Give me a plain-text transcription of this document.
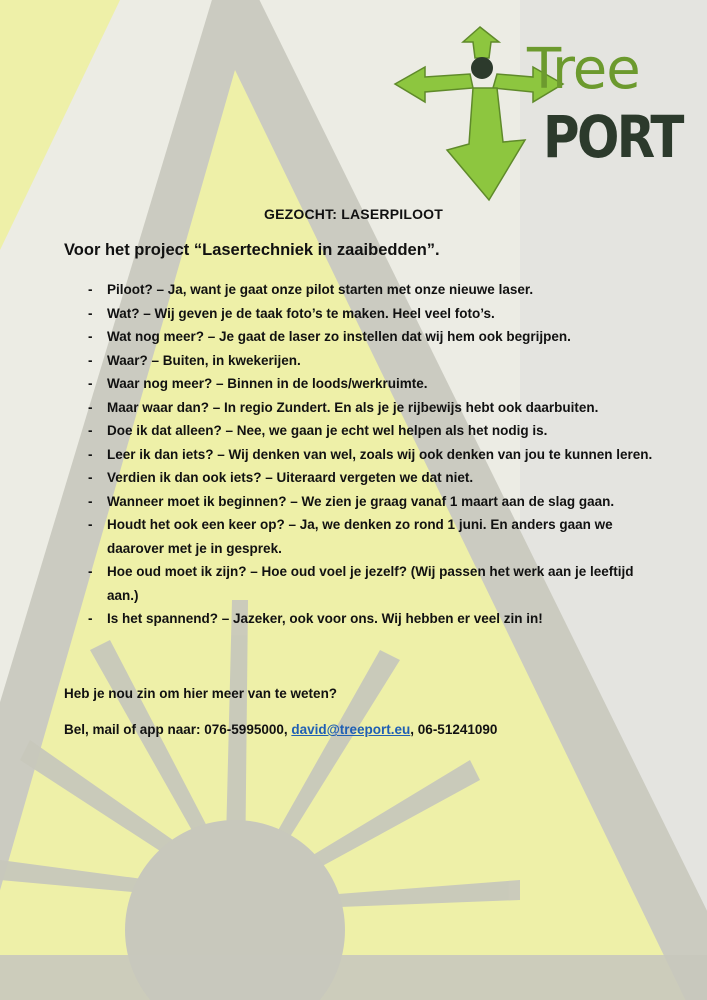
Tree
PORT
GEZOCHT: LASERPILOOT
Voor het project “Lasertechniek in zaaibedden”.
- Piloot? – Ja, want je gaat onze pilot starten met onze nieuwe laser.
- Wat? – Wij geven je de taak foto’s te maken. Heel veel foto’s.
- Wat nog meer? – Je gaat de laser zo instellen dat wij hem ook begrijpen.
- Waar? – Buiten, in kwekerijen.
- Waar nog meer? – Binnen in de loods/werkruimte.
- Maar waar dan? – In regio Zundert. En als je je rijbewijs hebt ook daarbuiten.
- Doe ik dat alleen? – Nee, we gaan je echt wel helpen als het nodig is.
- Leer ik dan iets? – Wij denken van wel, zoals wij ook denken van jou te kunnen leren.
- Verdien ik dan ook iets? – Uiteraard vergeten we dat niet.
- Wanneer moet ik beginnen? – We zien je graag vanaf 1 maart aan de slag gaan.
- Houdt het ook een keer op? – Ja, we denken zo rond 1 juni. En anders gaan we daarover met je in gesprek.
- Hoe oud moet ik zijn? – Hoe oud voel je jezelf? (Wij passen het werk aan je leeftijd aan.)
- Is het spannend? – Jazeker, ook voor ons. Wij hebben er veel zin in!
Heb je nou zin om hier meer van te weten?
Bel, mail of app naar: 076-5995000, david@treeport.eu, 06-51241090
